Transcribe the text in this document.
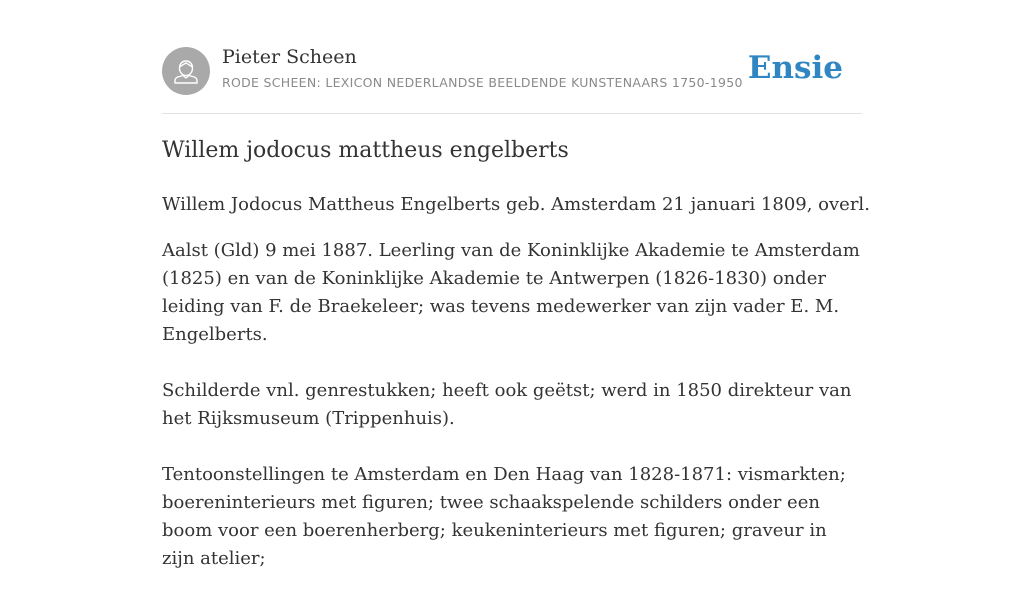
Pieter Scheen
RODE SCHEEN: LEXICON NEDERLANDSE BEELDENDE KUNSTENAARS 1750-1950 Ensie
Willem jodocus mattheus engelberts

Willem Jodocus Mattheus Engelberts geb. Amsterdam 21 januari 1809, overl.

Aalst (Gld) 9 mei 1887. Leerling van de Koninklijke Akademie te Amsterdam (1825) en van de Koninklijke Akademie te Antwerpen (1826-1830) onder leiding van F. de Braekeleer; was tevens medewerker van zijn vader E. M. Engelberts.

Schilderde vnl. genrestukken; heeft ook geëtst; werd in 1850 direkteur van het Rijksmuseum (Trippenhuis).

Tentoonstellingen te Amsterdam en Den Haag van 1828-1871: vismarkten; boereninterieurs met figuren; twee schaakspelende schilders onder een boom voor een boerenherberg; keukeninterieurs met figuren; graveur in zijn atelier;
